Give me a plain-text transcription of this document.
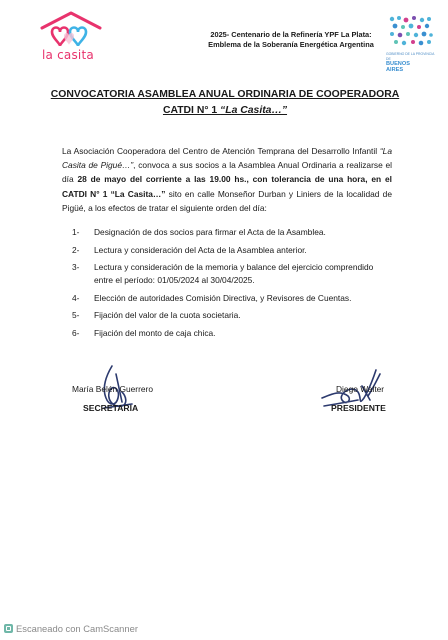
la casita
2025- Centenario de la Refinería YPF La Plata:
Emblema de la Soberanía Energética Argentina
GOBIERNO DE LA PROVINCIA DE
BUENOS
AIRES
CONVOCATORIA ASAMBLEA ANUAL ORDINARIA DE COOPERADORA
CATDI N° 1 “La Casita…”
La Asociación Cooperadora del Centro de Atención Temprana del Desarrollo Infantil “La Casita de Pigué…”, convoca a sus socios a la Asamblea Anual Ordinaria a realizarse el día 28 de mayo del corriente a las 19.00 hs., con tolerancia de una hora, en el CATDI N° 1 “La Casita…” sito en calle Monseñor Durban y Liniers de la localidad de Pigüé, a los efectos de tratar el siguiente orden del día:
1- Designación de dos socios para firmar el Acta de la Asamblea.
2- Lectura y consideración del Acta de la Asamblea anterior.
3- Lectura y consideración de la memoria y balance del ejercicio comprendido entre el período: 01/05/2024 al 30/04/2025.
4- Elección de autoridades Comisión Directiva, y Revisores de Cuentas.
5- Fijación del valor de la cuota societaria.
6- Fijación del monto de caja chica.
María Belén Guerrero
SECRETARIA
Diego Walter
PRESIDENTE
Escaneado con CamScanner
